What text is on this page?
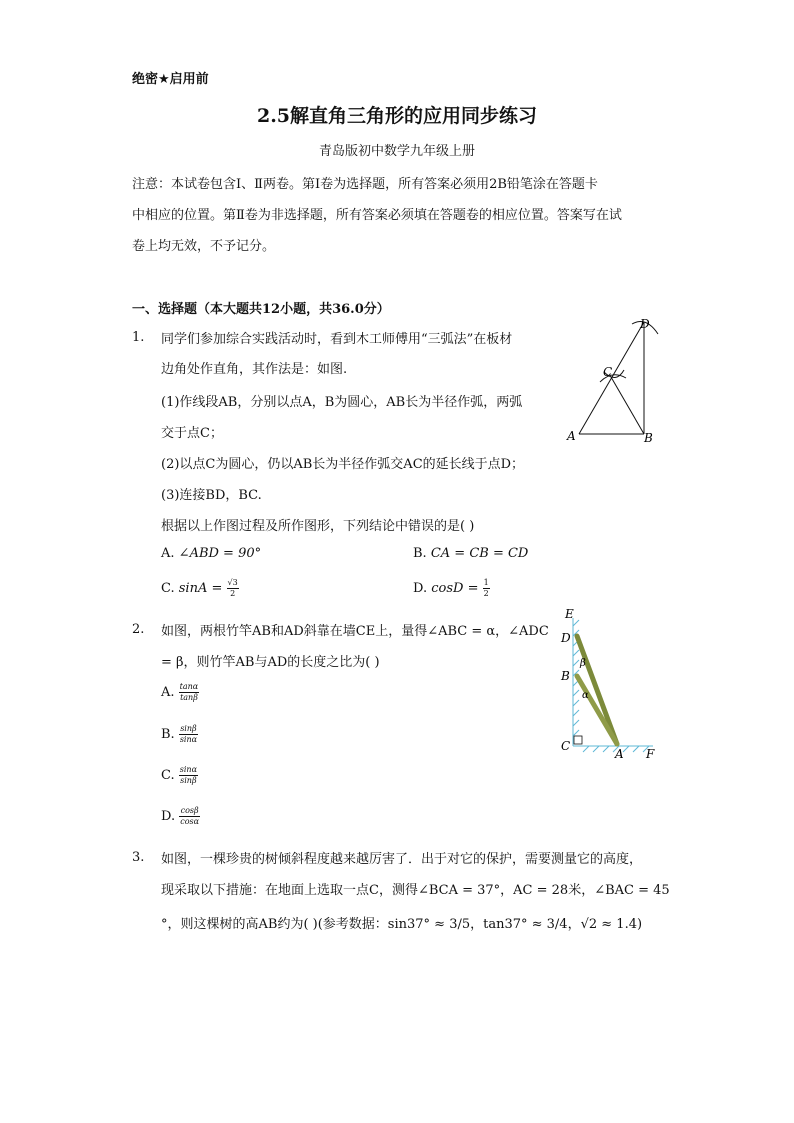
绝密★启用前
2.5解直角三角形的应用同步练习
青岛版初中数学九年级上册
注意：本试卷包含Ⅰ、Ⅱ两卷。第Ⅰ卷为选择题，所有答案必须用2B铅笔涂在答题卡
中相应的位置。第Ⅱ卷为非选择题，所有答案必须填在答题卷的相应位置。答案写在试
卷上均无效，不予记分。
一、选择题（本大题共12小题，共36.0分）
1. 同学们参加综合实践活动时，看到木工师傅用“三弧法”在板材
边角处作直角，其作法是：如图.
(1)作线段AB，分别以点A，B为圆心，AB长为半径作弧，两弧
交于点C；
(2)以点C为圆心，仍以AB长为半径作弧交AC的延长线于点D；
(3)连接BD，BC.
根据以上作图过程及所作图形，下列结论中错误的是( )
A. ∠ABD = 90°	B. CA = CB = CD
C. $\sin A = \frac{√3}{2}$	D. $\cos D = \frac{1}{2}$
D
C
A	B
2. 如图，两根竹竿AB和AD斜靠在墙CE上，量得∠ABC = α，∠ADC
= β，则竹竿AB与AD的长度之比为( )
A. $\frac{\tan\alpha}{\tan\beta}$
B. $\frac{\sin\beta}{\sin\alpha}$
C. $\frac{\sin\alpha}{\sin\beta}$
D. $\frac{\cos\beta}{\cos\alpha}$
E
D
B
C
A F
β
α
3. 如图，一棵珍贵的树倾斜程度越来越厉害了．出于对它的保护，需要测量它的高度，
现采取以下措施：在地面上选取一点C，测得∠BCA = 37°，AC = 28米，∠BAC = 45
°，则这棵树的高AB约为( )(参考数据：sin37° ≈ 3/5，tan37° ≈ 3/4，√2 ≈ 1.4)
